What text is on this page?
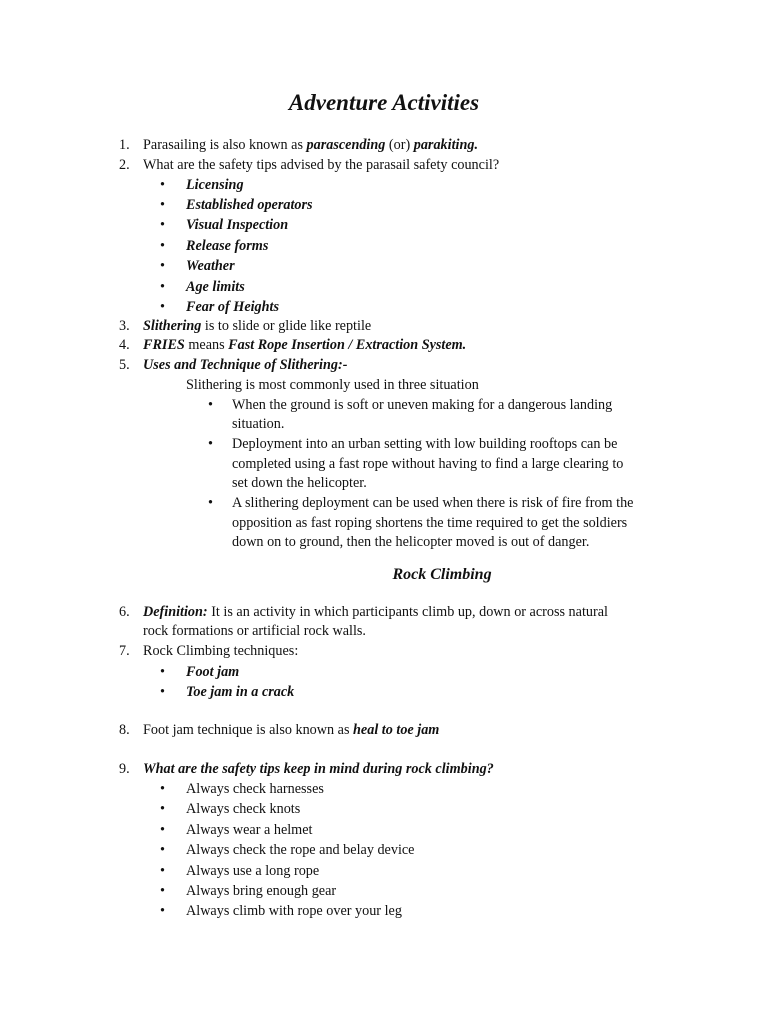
Adventure Activities
1. Parasailing is also known as parascending (or) parakiting.
2. What are the safety tips advised by the parasail safety council?
• Licensing
• Established operators
• Visual Inspection
• Release forms
• Weather
• Age limits
• Fear of Heights
3. Slithering is to slide or glide like reptile
4. FRIES means Fast Rope Insertion / Extraction System.
5. Uses and Technique of Slithering:-
Slithering is most commonly used in three situation
• When the ground is soft or uneven making for a dangerous landing
situation.
• Deployment into an urban setting with low building rooftops can be
completed using a fast rope without having to find a large clearing to
set down the helicopter.
• A slithering deployment can be used when there is risk of fire from the
opposition as fast roping shortens the time required to get the soldiers
down on to ground, then the helicopter moved is out of danger.
Rock Climbing
6. Definition: It is an activity in which participants climb up, down or across natural
rock formations or artificial rock walls.
7. Rock Climbing techniques:
• Foot jam
• Toe jam in a crack
8. Foot jam technique is also known as heal to toe jam
9. What are the safety tips keep in mind during rock climbing?
• Always check harnesses
• Always check knots
• Always wear a helmet
• Always check the rope and belay device
• Always use a long rope
• Always bring enough gear
• Always climb with rope over your leg
